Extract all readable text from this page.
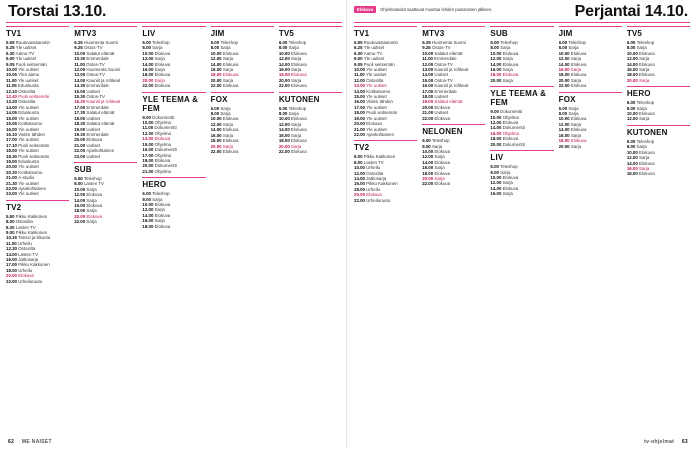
Torstai 13.10.
TV1
5.55 Ruutuvastaanotin
6.25 Yle uutiset
6.30 Aamu-TV
9.00 Yle uutiset
9.05 Puoli seitsemän
10.00 Yle uutiset
10.05 Ylen aamu
11.00 Yle uutiset
11.05 Eduskunta
12.10 Ostosilta
12.40 Puoli seitsemän
13.20 Ostosilta
14.00 Yle uutiset
14.05 Eduskunta
15.00 Yle uutiset
15.05 Kotikatsomo
16.00 Yle uutiset
16.10 Viiden tähden
17.00 Yle uutiset
17.10 Puoli seitsemän
18.00 Yle uutiset
18.30 Puoli seitsemän
19.00 Eduskunta
20.00 Yle uutiset
20.30 Kotikatsomo
21.00 A-studio
21.30 Yle uutiset
22.00 Ajankohtainen
23.00 Yle uutiset
TV2
5.50 Pikku Kakkonen
8.00 Ostosilta
8.30 Lasten TV
9.00 Pikku Kakkonen
10.15 Tanssi ja liikunta
11.00 Urheilu
12.30 Ostosilta
14.00 Lasten TV
16.00 Jatkosarja
17.00 Pikku Kakkonen
18.00 Urheilu
20.00 Elokuva
22.00 Urheiluruutu
MTV3
6.25 Huomenta Suomi
9.25 Ostos-TV
10.00 Salatut elämät
10.30 Emmerdale
11.00 Ostos-TV
12.00 Huomenta Suomi
13.00 Ostos-TV
14.00 Kauniit ja rohkeat
14.30 Emmerdale
15.00 Uutiset
15.30 Ostos-TV
16.30 Kauniit ja rohkeat
17.00 Emmerdale
17.30 Salatut elämät
18.00 Uutiset
18.30 Salatut elämät
19.00 Uutiset
19.30 Emmerdale
20.00 Elokuva
21.00 Uutiset
22.00 Ajankohtainen
23.00 Uutiset
SUB
6.00 Teleshop
8.00 Lasten TV
10.00 Sarja
12.00 Elokuva
14.00 Sarja
16.00 Elokuva
18.00 Sarja
20.00 Elokuva
22.00 Sarja
LIV
6.00 Teleshop
8.00 Sarja
10.00 Elokuva
12.00 Sarja
14.00 Elokuva
16.00 Sarja
18.00 Elokuva
20.00 Sarja
22.00 Elokuva
YLE TEEMA & FEM
9.00 Dokumentti
10.00 Ohjelma
11.00 Dokumentti
12.00 Ohjelma
13.00 Elokuva
15.00 Ohjelma
16.00 Dokumentti
17.00 Ohjelma
18.00 Elokuva
20.00 Dokumentti
21.00 Ohjelma
HERO
6.00 Teleshop
8.00 Sarja
10.00 Elokuva
12.00 Sarja
14.00 Elokuva
16.00 Sarja
18.00 Elokuva
JIM
6.00 Teleshop
8.00 Sarja
10.00 Elokuva
12.00 Sarja
14.00 Elokuva
16.00 Sarja
18.00 Elokuva
20.00 Sarja
22.00 Elokuva
FOX
6.00 Sarja
8.00 Sarja
10.00 Elokuva
12.00 Sarja
14.00 Elokuva
16.00 Sarja
18.00 Elokuva
20.00 Sarja
22.00 Elokuva
TV5
6.00 Teleshop
8.00 Sarja
10.00 Elokuva
12.00 Sarja
14.00 Elokuva
16.00 Sarja
18.00 Elokuva
20.00 Sarja
22.00 Elokuva
KUTONEN
6.00 Teleshop
8.00 Sarja
10.00 Elokuva
12.00 Sarja
14.00 Elokuva
16.00 Sarja
18.00 Elokuva
20.00 Sarja
22.00 Elokuva
62 ME NAISET
Elokuva	Ohjelmatiedot saattavat muuttua lehden painamisen jälkeen.	Perjantai 14.10.
TV1
5.55 Ruutuvastaanotin
6.25 Yle uutiset
6.30 Aamu-TV
9.00 Yle uutiset
9.05 Puoli seitsemän
10.00 Yle uutiset
11.00 Yle uutiset
12.00 Ostosilta
13.00 Yle uutiset
14.00 Kotikatsomo
15.00 Yle uutiset
16.00 Viiden tähden
17.00 Yle uutiset
18.00 Puoli seitsemän
19.00 Yle uutiset
20.00 Elokuva
21.00 Yle uutiset
22.00 Ajankohtainen
TV2
6.00 Pikku Kakkonen
8.00 Lasten TV
10.00 Urheilu
12.00 Ostosilta
14.00 Jatkosarja
16.00 Pikku Kakkonen
18.00 Urheilu
20.00 Elokuva
22.00 Urheiluruutu
MTV3
6.25 Huomenta Suomi
9.25 Ostos-TV
10.00 Salatut elämät
11.00 Emmerdale
12.00 Ostos-TV
13.00 Kauniit ja rohkeat
14.00 Uutiset
15.00 Ostos-TV
16.00 Kauniit ja rohkeat
17.00 Emmerdale
18.00 Uutiset
19.00 Salatut elämät
20.00 Elokuva
21.00 Uutiset
22.00 Elokuva
NELONEN
6.00 Teleshop
8.00 Sarja
10.00 Elokuva
12.00 Sarja
14.00 Elokuva
16.00 Sarja
18.00 Elokuva
20.00 Sarja
22.00 Elokuva
SUB
6.00 Teleshop
8.00 Sarja
10.00 Elokuva
12.00 Sarja
14.00 Elokuva
16.00 Sarja
18.00 Elokuva
20.00 Sarja
YLE TEEMA & FEM
9.00 Dokumentti
10.00 Ohjelma
12.00 Elokuva
14.00 Dokumentti
16.00 Ohjelma
18.00 Elokuva
20.00 Dokumentti
LIV
6.00 Teleshop
8.00 Sarja
10.00 Elokuva
12.00 Sarja
14.00 Elokuva
16.00 Sarja
JIM
6.00 Teleshop
8.00 Sarja
10.00 Elokuva
12.00 Sarja
14.00 Elokuva
16.00 Sarja
18.00 Elokuva
20.00 Sarja
22.00 Elokuva
FOX
6.00 Sarja
8.00 Sarja
10.00 Elokuva
12.00 Sarja
14.00 Elokuva
16.00 Sarja
18.00 Elokuva
20.00 Sarja
TV5
6.00 Teleshop
8.00 Sarja
10.00 Elokuva
12.00 Sarja
14.00 Elokuva
16.00 Sarja
18.00 Elokuva
20.00 Sarja
HERO
6.00 Teleshop
8.00 Sarja
10.00 Elokuva
12.00 Sarja
KUTONEN
6.00 Teleshop
8.00 Sarja
10.00 Elokuva
12.00 Sarja
14.00 Elokuva
16.00 Sarja
18.00 Elokuva
tv-ohjelmat 63
